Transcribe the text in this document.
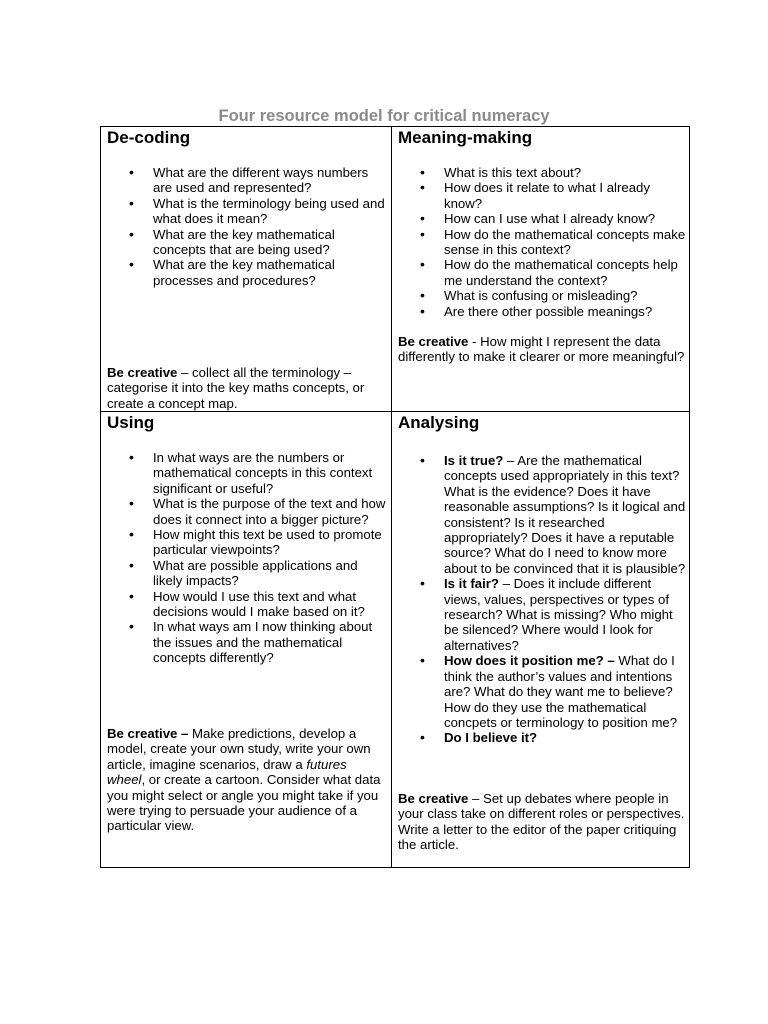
Four resource model for critical numeracy
De-coding
• What are the different ways numbers are used and represented?
• What is the terminology being used and what does it mean?
• What are the key mathematical concepts that are being used?
• What are the key mathematical processes and procedures?
Be creative – collect all the terminology – categorise it into the key maths concepts, or create a concept map.
Meaning-making
• What is this text about?
• How does it relate to what I already know?
• How can I use what I already know?
• How do the mathematical concepts make sense in this context?
• How do the mathematical concepts help me understand the context?
• What is confusing or misleading?
• Are there other possible meanings?
Be creative - How might I represent the data differently to make it clearer or more meaningful?
Using
• In what ways are the numbers or mathematical concepts in this context significant or useful?
• What is the purpose of the text and how does it connect into a bigger picture?
• How might this text be used to promote particular viewpoints?
• What are possible applications and likely impacts?
• How would I use this text and what decisions would I make based on it?
• In what ways am I now thinking about the issues and the mathematical concepts differently?
Be creative – Make predictions, develop a model, create your own study, write your own article, imagine scenarios, draw a futures wheel, or create a cartoon. Consider what data you might select or angle you might take if you were trying to persuade your audience of a particular view.
Analysing
• Is it true? – Are the mathematical concepts used appropriately in this text? What is the evidence? Does it have reasonable assumptions? Is it logical and consistent? Is it researched appropriately? Does it have a reputable source? What do I need to know more about to be convinced that it is plausible?
• Is it fair? – Does it include different views, values, perspectives or types of research? What is missing? Who might be silenced? Where would I look for alternatives?
• How does it position me? – What do I think the author’s values and intentions are? What do they want me to believe? How do they use the mathematical concpets or terminology to position me?
• Do I believe it?
Be creative – Set up debates where people in your class take on different roles or perspectives. Write a letter to the editor of the paper critiquing the article.
